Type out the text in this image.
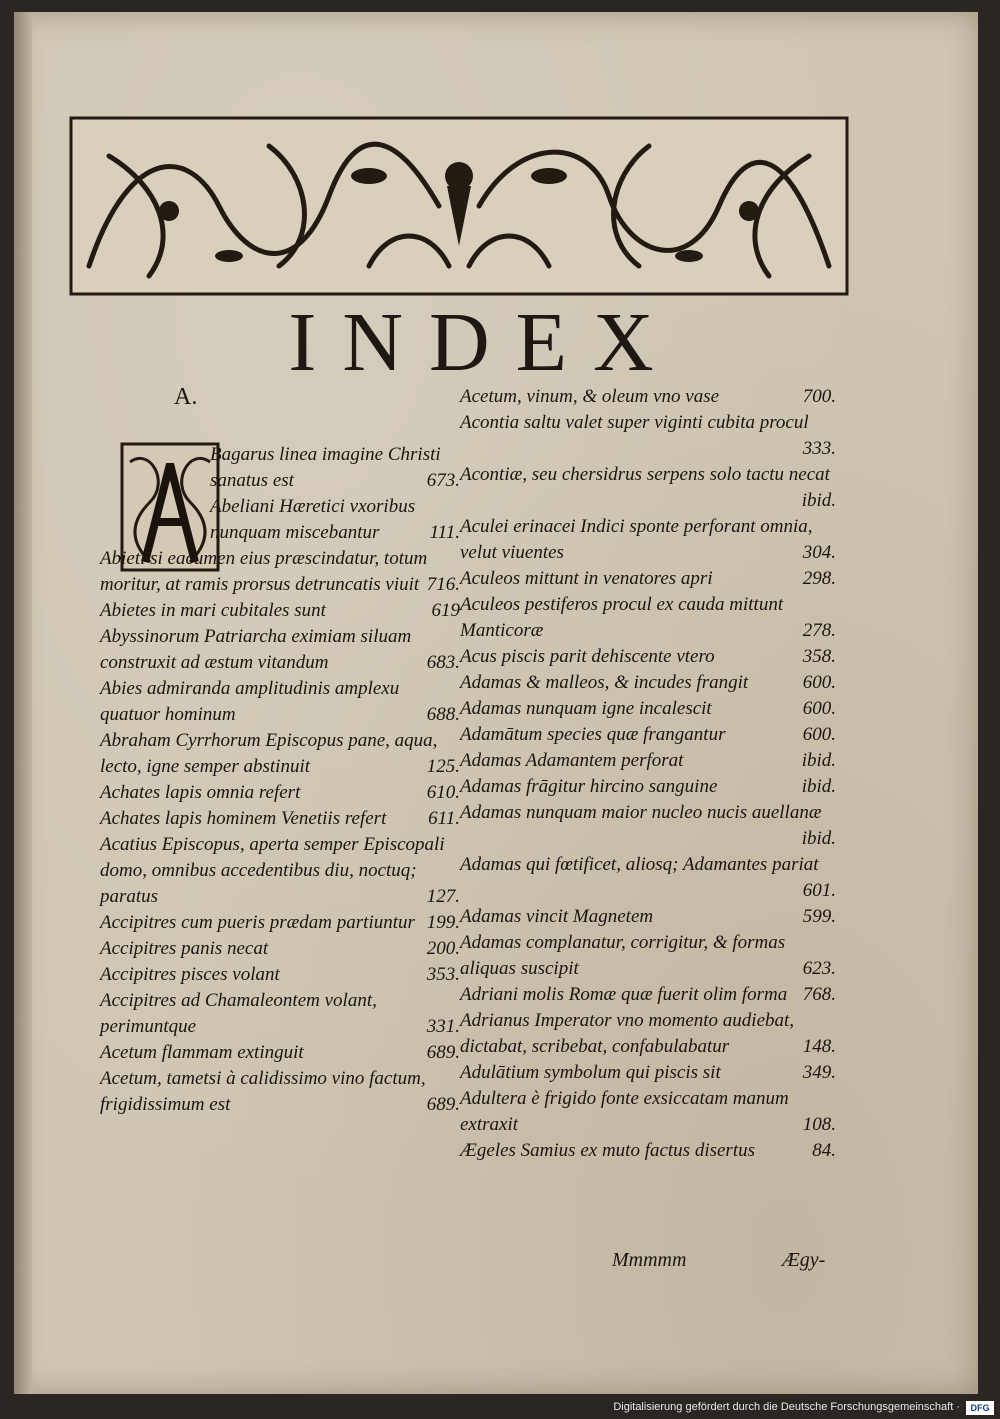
INDEX

A.

Bagarus linea imagine Christi sanatus est	673.
Abeliani Hæretici vxoribus nunquam miscebantur	111.
Abieti si eacumen eius præscindatur, totum moritur, at ramis prorsus detruncatis viuit 716.
Abietes in mari cubitales sunt	619
Abyssinorum Patriarcha eximiam siluam construxit ad æstum vitandum	683.
Abies admiranda amplitudinis amplexu quatuor hominum	688.
Abraham Cyrrhorum Episcopus pane, aqua, lecto, igne semper abstinuit	125.
Achates lapis omnia refert	610.
Achates lapis hominem Venetiis refert 611.
Acatius Episcopus, aperta semper Episcopali domo, omnibus accedentibus diu, noctuq; paratus	127.
Accipitres cum pueris prædam partiuntur 199.
Accipitres panis necat	200.
Accipitres pisces volant	353.
Accipitres ad Chamaleontem volant, perimuntque	331.
Acetum flammam extinguit	689.
Acetum, tametsi à calidissimo vino factum, frigidissimum est	689.
Acetum, vinum, & oleum vno vase	700.
Acontia saltu valet super viginti cubita procul
333.
Acontiæ, seu chersidrus serpens solo tactu necat
ibid.
Aculei erinacei Indici sponte perforant omnia, velut viuentes	304.
Aculeos mittunt in venatores apri	298.
Aculeos pestiferos procul ex cauda mittunt Manticoræ	278.
Acus piscis parit dehiscente vtero	358.
Adamas & malleos, & incudes frangit	600.
Adamas nunquam igne incalescit	600.
Adamātum species quæ frangantur	600.
Adamas Adamantem perforat	ibid.
Adamas frāgitur hircino sanguine	ibid.
Adamas nunquam maior nucleo nucis auellanæ
ibid.
Adamas qui fœtificet, aliosq; Adamantes pariat
601.
Adamas vincit Magnetem	599.
Adamas complanatur, corrigitur, & formas aliquas suscipit	623.
Adriani molis Romæ quæ fuerit olim forma 768.
Adrianus Imperator vno momento audiebat, dictabat, scribebat, confabulabatur	148.
Adulātium symbolum qui piscis sit	349.
Adultera è frigido fonte exsiccatam manum extraxit	108.
Ægeles Samius ex muto factus disertus	84.
Mmmmm	Ægy-
Digitalisierung gefördert durch die Deutsche Forschungsgemeinschaft ·	DFG
